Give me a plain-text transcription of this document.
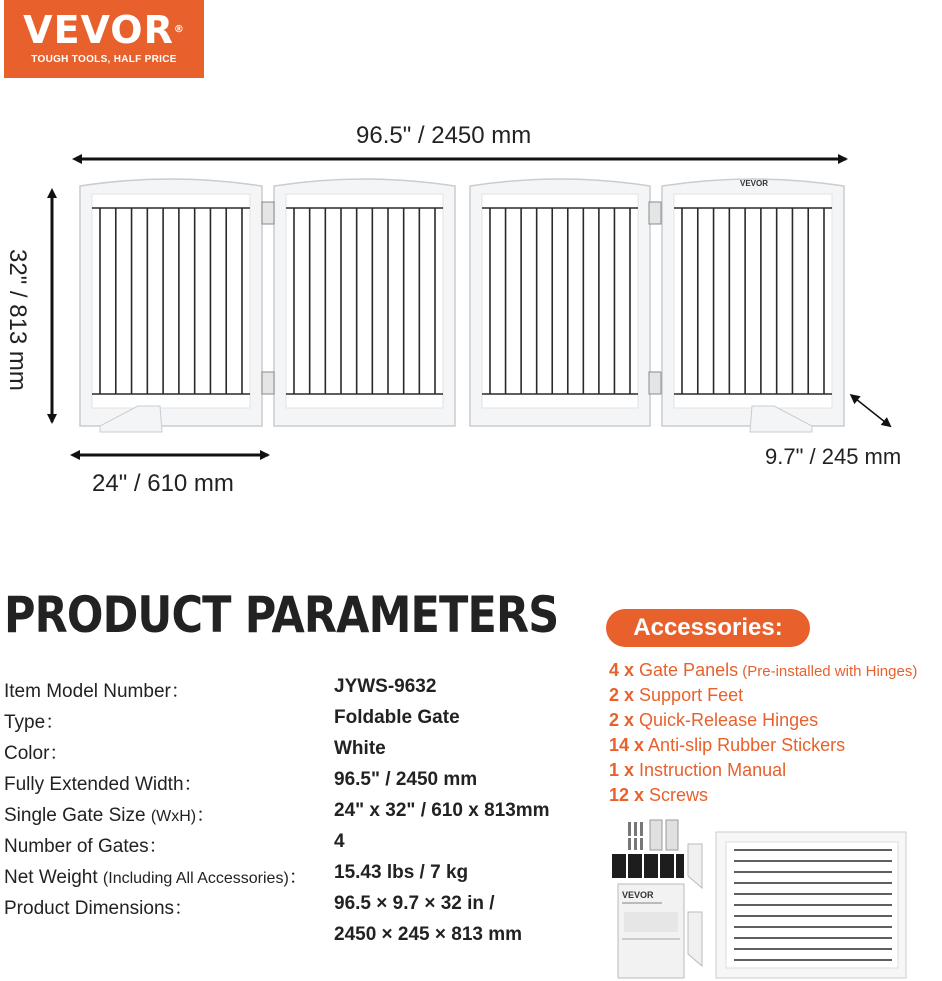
VEVOR®
TOUGH TOOLS, HALF PRICE
VEVOR
96.5" / 2450 mm
32" / 813 mm
24" / 610 mm
9.7" / 245 mm
PRODUCT PARAMETERS
Item Model Number：	JYWS-9632
Type：	Foldable Gate
Color：	White
Fully Extended Width：	96.5" / 2450 mm
Single Gate Size (WxH)：	24" x 32" / 610 x 813mm
Number of Gates：	4
Net Weight (Including All Accessories)： 15.43 lbs / 7 kg
Product Dimensions：	96.5 × 9.7 × 32 in /
2450 × 245 × 813 mm
Accessories:
4 x Gate Panels (Pre-installed with Hinges)
2 x Support Feet
2 x Quick-Release Hinges
14 x Anti-slip Rubber Stickers
1 x Instruction Manual
12 x Screws
VEVOR
